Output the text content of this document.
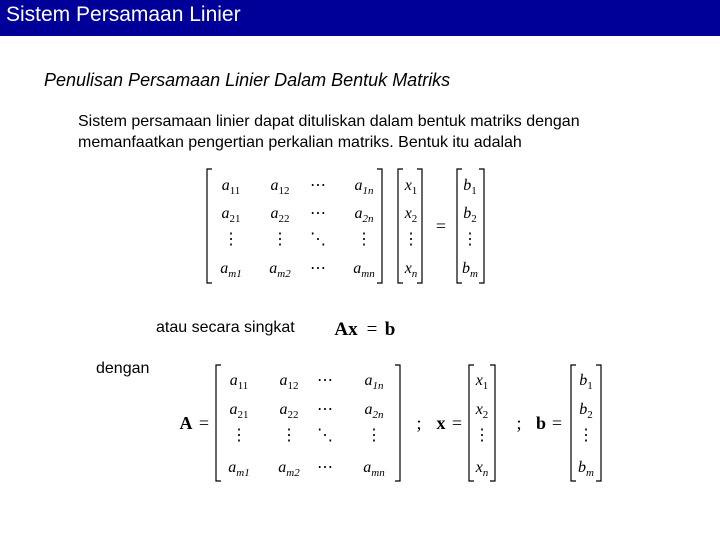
Sistem Persamaan Linier
Penulisan Persamaan Linier Dalam Bentuk Matriks
Sistem persamaan linier dapat dituliskan dalam bentuk matriks dengan
memanfaatkan pengertian perkalian matriks. Bentuk itu adalah
atau secara singkat
dengan
$a_{11}$ $a_{12}$ ⋯ $a_{1n}$
$a_{21}$ $a_{22}$ ⋯ $a_{2n}$
⋮ ⋮ ⋱ ⋮
$a_{m1}$ $a_{m2}$ ⋯ $a_{mn}$
$x_1$
$x_2$
⋮
$x_n$
=
$b_1$
$b_2$
⋮
$b_m$
Ax = b
A =
$a_{11}$ $a_{12}$ ⋯ $a_{1n}$
$a_{21}$ $a_{22}$ ⋯ $a_{2n}$
⋮ ⋮ ⋱ ⋮
$a_{m1}$ $a_{m2}$ ⋯ $a_{mn}$
; x =
$x_1$
$x_2$
⋮
$x_n$
; b =
$b_1$
$b_2$
⋮
$b_m$
